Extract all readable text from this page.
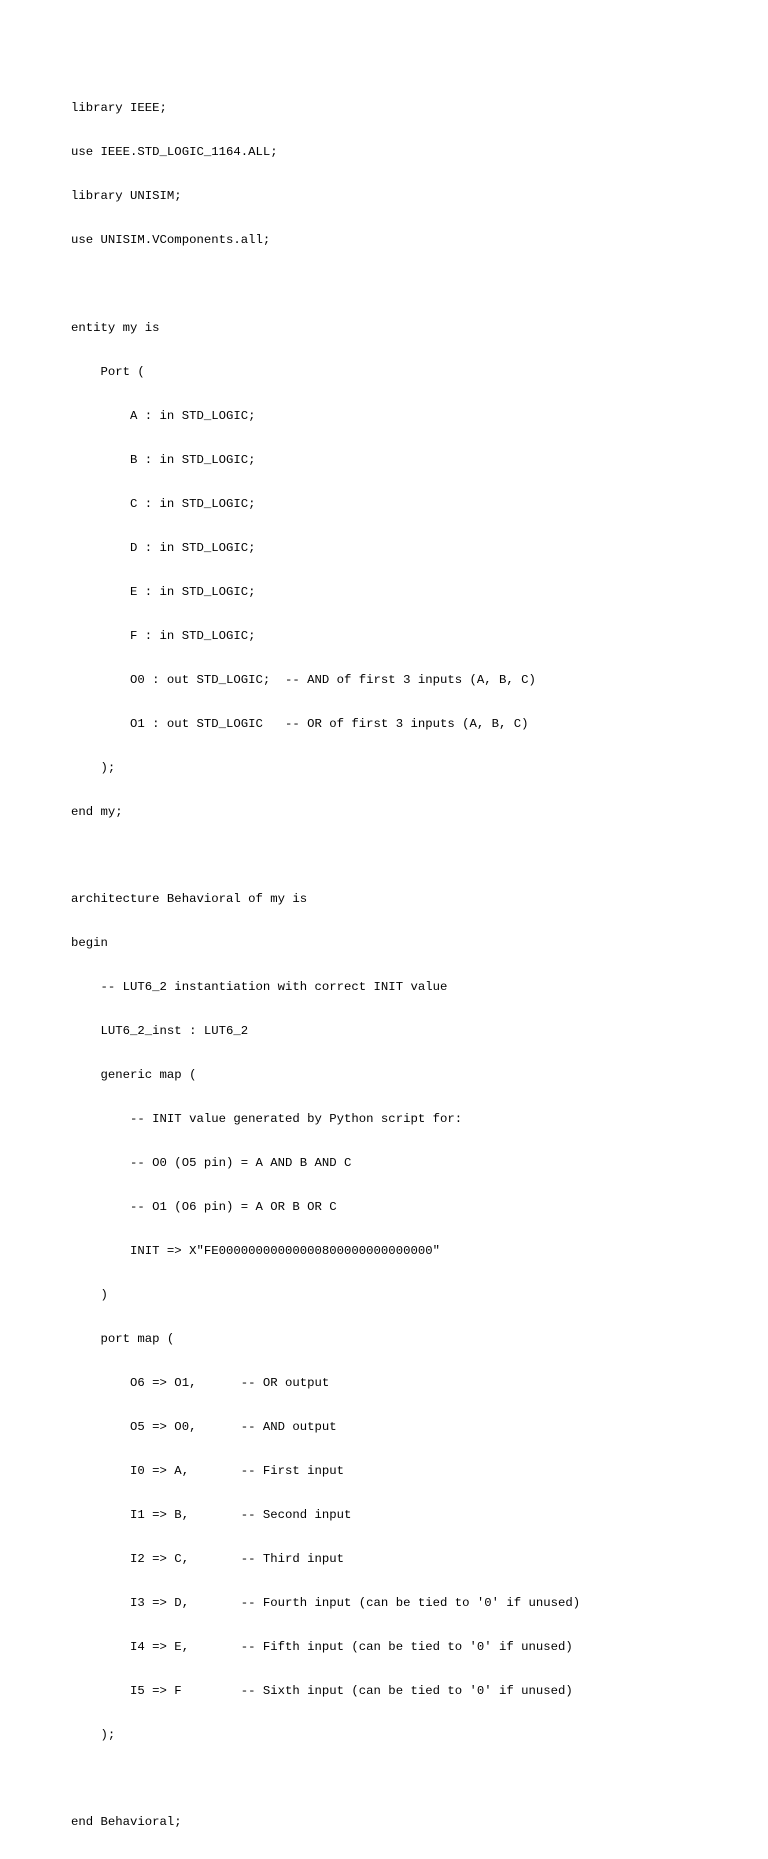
library IEEE;

use IEEE.STD_LOGIC_1164.ALL;

library UNISIM;

use UNISIM.VComponents.all;

entity my is

Port (

A : in STD_LOGIC;

B : in STD_LOGIC;

C : in STD_LOGIC;

D : in STD_LOGIC;

E : in STD_LOGIC;

F : in STD_LOGIC;

O0 : out STD_LOGIC;  -- AND of first 3 inputs (A, B, C)

O1 : out STD_LOGIC   -- OR of first 3 inputs (A, B, C)

);

end my;

architecture Behavioral of my is

begin

-- LUT6_2 instantiation with correct INIT value

LUT6_2_inst : LUT6_2

generic map (

-- INIT value generated by Python script for:

-- O0 (O5 pin) = A AND B AND C

-- O1 (O6 pin) = A OR B OR C

INIT => X"FE00000000000000800000000000000"

)

port map (

O6 => O1,      -- OR output

O5 => O0,      -- AND output

I0 => A,       -- First input

I1 => B,       -- Second input

I2 => C,       -- Third input

I3 => D,       -- Fourth input (can be tied to '0' if unused)

I4 => E,       -- Fifth input (can be tied to '0' if unused)

I5 => F        -- Sixth input (can be tied to '0' if unused)

);

end Behavioral;
